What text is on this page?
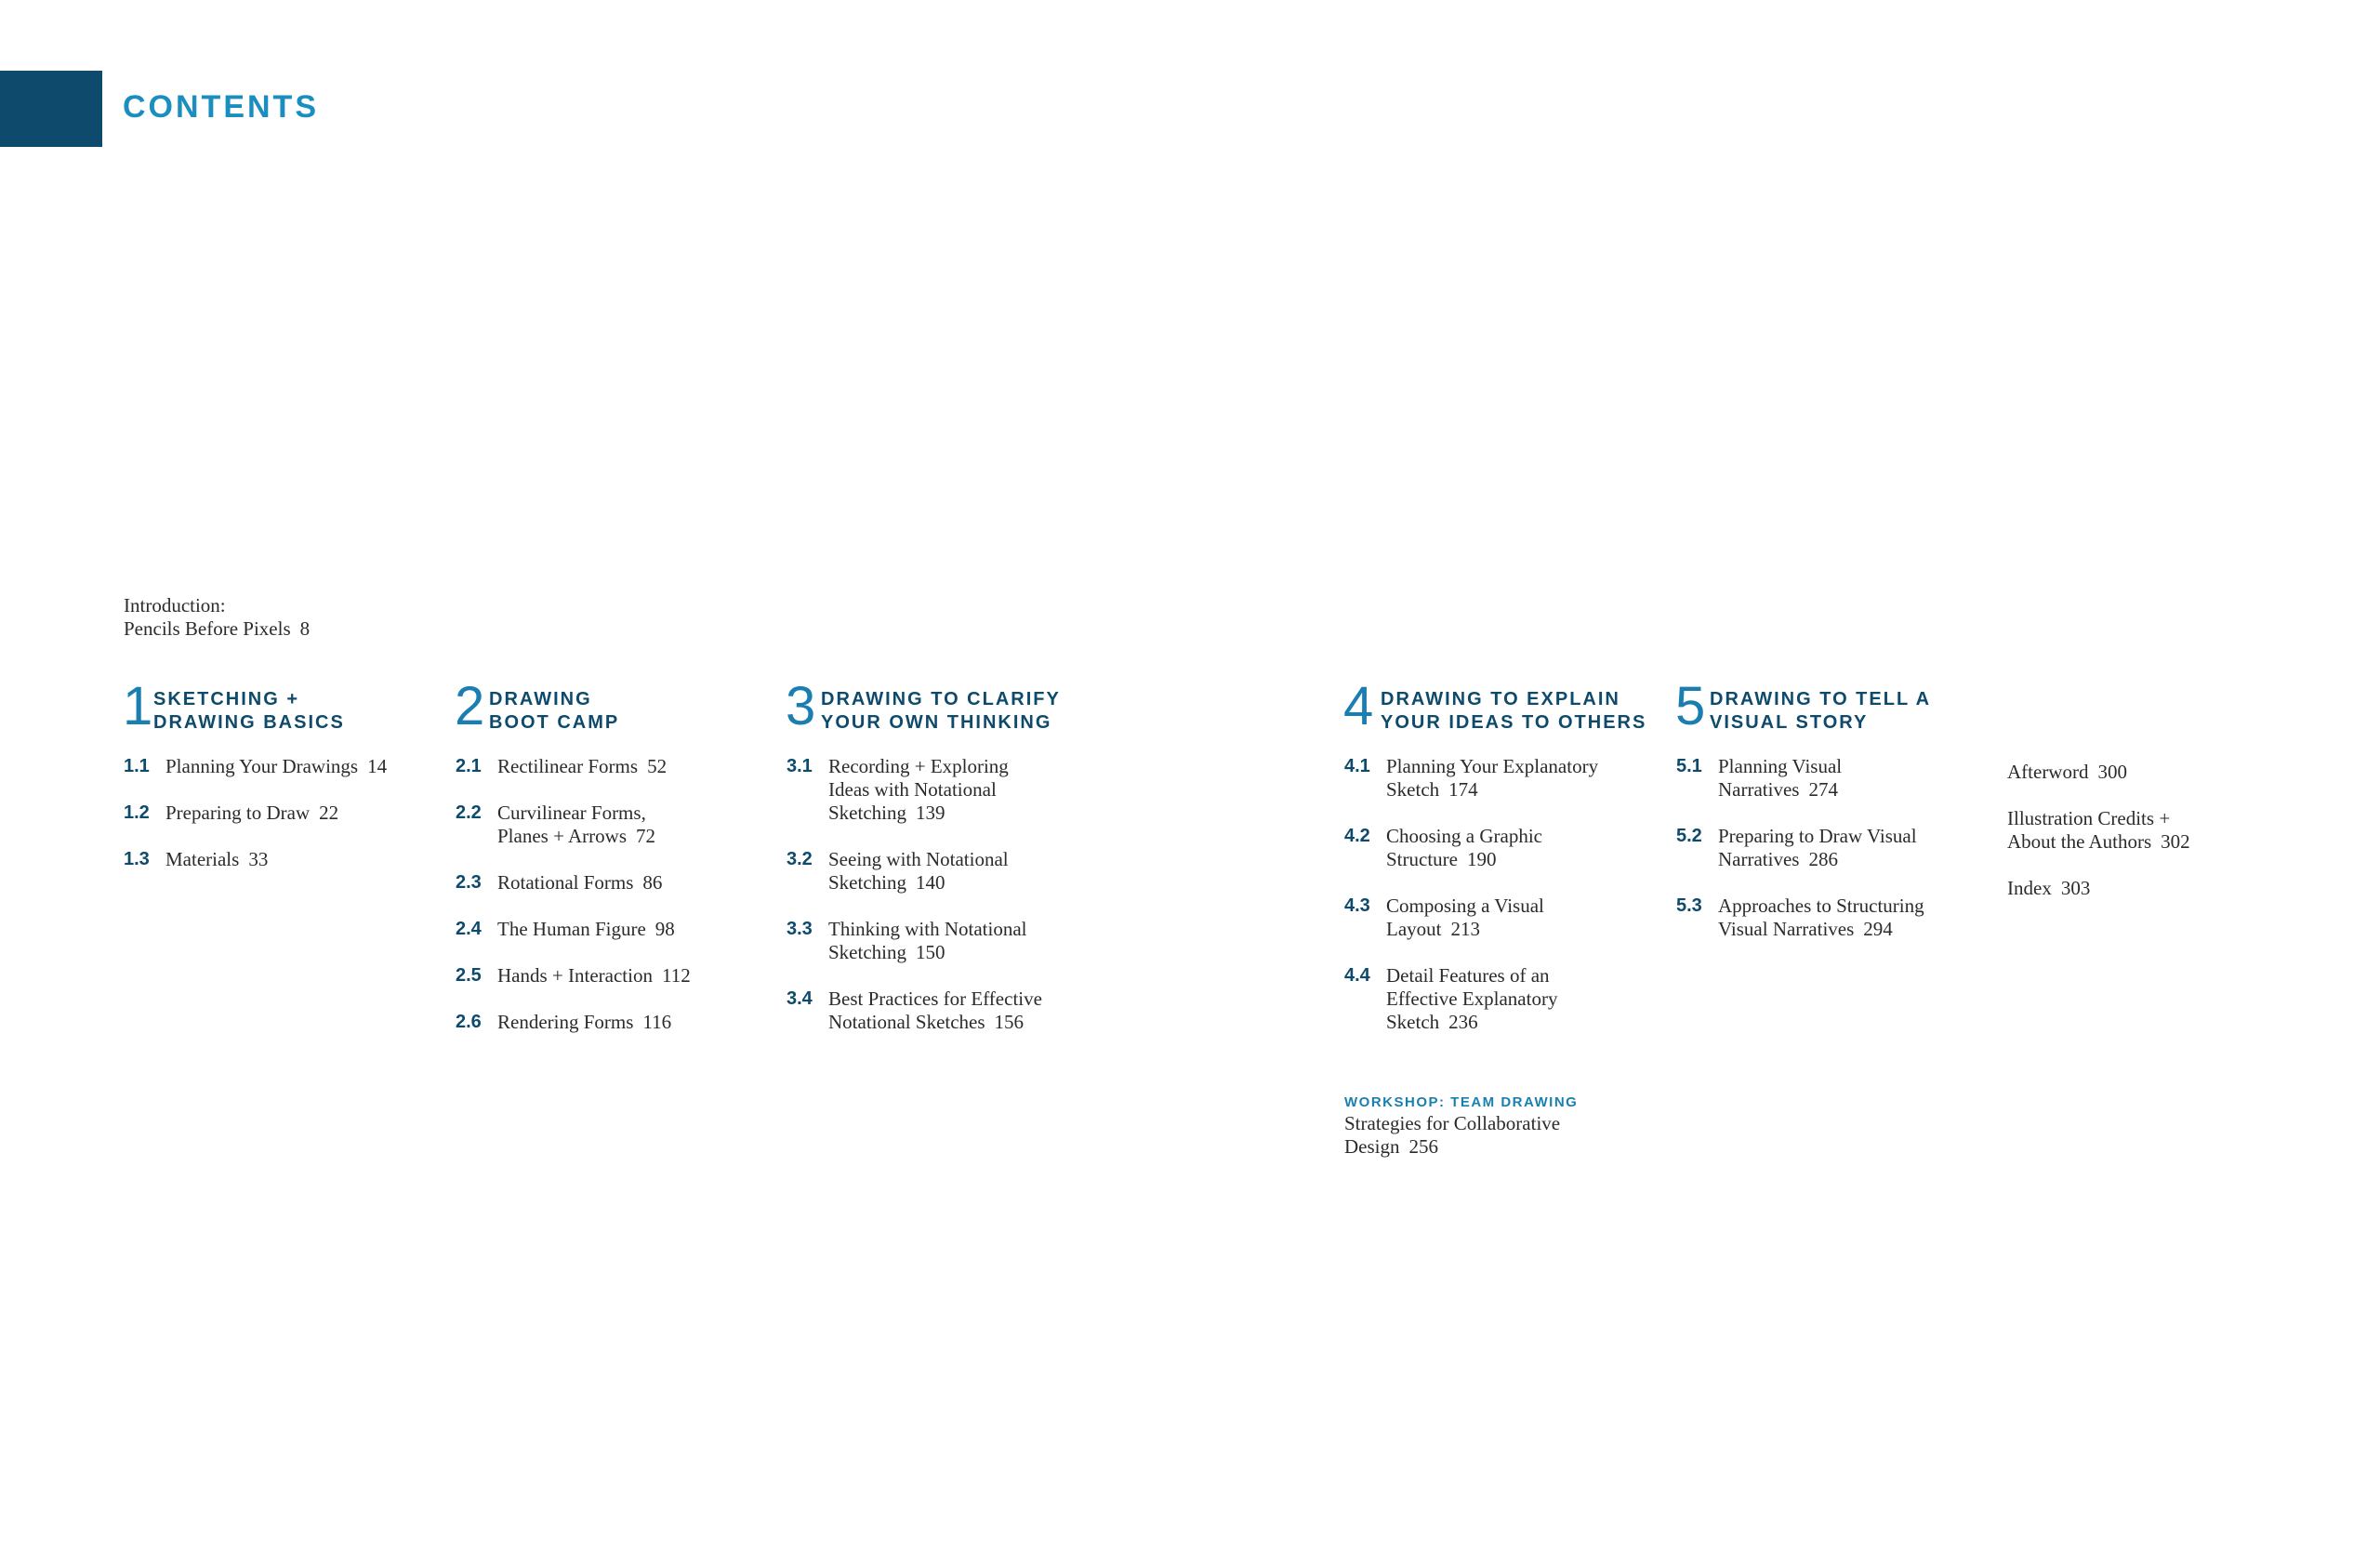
CONTENTS
Introduction:
Pencils Before Pixels 8
1 SKETCHING +
DRAWING BASICS
1.1 Planning Your Drawings 14
1.2 Preparing to Draw 22
1.3 Materials 33
2 DRAWING
BOOT CAMP
2.1 Rectilinear Forms 52
2.2 Curvilinear Forms,
Planes + Arrows 72
2.3 Rotational Forms 86
2.4 The Human Figure 98
2.5 Hands + Interaction 112
2.6 Rendering Forms 116
3 DRAWING TO CLARIFY
YOUR OWN THINKING
3.1 Recording + Exploring
Ideas with Notational
Sketching 139
3.2 Seeing with Notational
Sketching 140
3.3 Thinking with Notational
Sketching 150
3.4 Best Practices for Effective
Notational Sketches 156
4 DRAWING TO EXPLAIN
YOUR IDEAS TO OTHERS
4.1 Planning Your Explanatory
Sketch 174
4.2 Choosing a Graphic
Structure 190
4.3 Composing a Visual
Layout 213
4.4 Detail Features of an
Effective Explanatory
Sketch 236
5 DRAWING TO TELL A
VISUAL STORY
5.1 Planning Visual
Narratives 274
5.2 Preparing to Draw Visual
Narratives 286
5.3 Approaches to Structuring
Visual Narratives 294
WORKSHOP: TEAM DRAWING
Strategies for Collaborative
Design 256
Afterword 300
Illustration Credits +
About the Authors 302
Index 303
